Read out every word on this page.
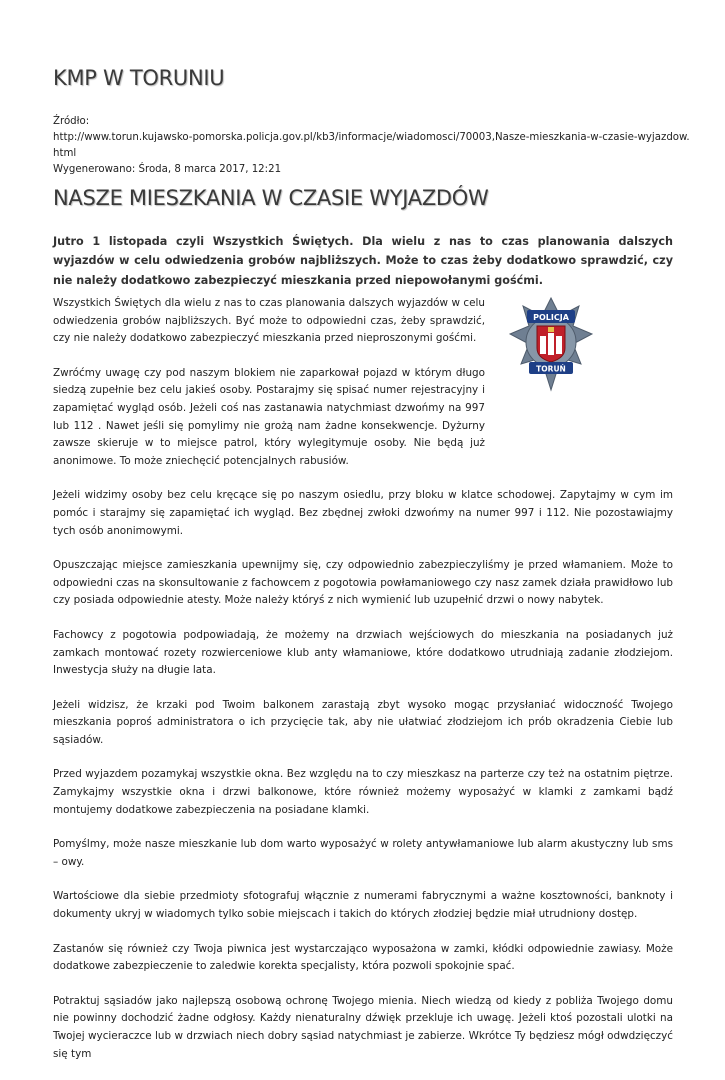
KMP W TORUNIU
Źródło:
http://www.torun.kujawsko-pomorska.policja.gov.pl/kb3/informacje/wiadomosci/70003,Nasze-mieszkania-w-czasie-wyjazdow.
html
Wygenerowano: Środa, 8 marca 2017, 12:21
NASZE MIESZKANIA W CZASIE WYJAZDÓW

Jutro 1 listopada czyli Wszystkich Świętych. Dla wielu z nas to czas planowania dalszych wyjazdów w celu odwiedzenia grobów najbliższych. Może to czas żeby dodatkowo sprawdzić, czy nie należy dodatkowo zabezpieczyć mieszkania przed niepowołanymi gośćmi.

Wszystkich Świętych dla wielu z nas to czas planowania dalszych wyjazdów w celu odwiedzenia grobów najbliższych. Być może to odpowiedni czas, żeby sprawdzić, czy nie należy dodatkowo zabezpieczyć mieszkania przed nieproszonymi gośćmi.

Zwróćmy uwagę czy pod naszym blokiem nie zaparkował pojazd w którym długo siedzą zupełnie bez celu jakieś osoby. Postarajmy się spisać numer rejestracyjny i zapamiętać wygląd osób. Jeżeli coś nas zastanawia natychmiast dzwońmy na 997 lub 112 . Nawet jeśli się pomylimy nie grożą nam żadne konsekwencje. Dyżurny zawsze skieruje w to miejsce patrol, który wylegitymuje osoby. Nie będą już anonimowe. To może zniechęcić potencjalnych rabusiów.

Jeżeli widzimy osoby bez celu kręcące się po naszym osiedlu, przy bloku w klatce schodowej. Zapytajmy w cym im pomóc i starajmy się zapamiętać ich wygląd. Bez zbędnej zwłoki dzwońmy na numer 997 i 112. Nie pozostawiajmy tych osób anonimowymi.

Opuszczając miejsce zamieszkania upewnijmy się, czy odpowiednio zabezpieczyliśmy je przed włamaniem. Może to odpowiedni czas na skonsultowanie z fachowcem z pogotowia powłamaniowego czy nasz zamek działa prawidłowo lub czy posiada odpowiednie atesty. Może należy któryś z nich wymienić lub uzupełnić drzwi o nowy nabytek.

Fachowcy z pogotowia podpowiadają, że możemy na drzwiach wejściowych do mieszkania na posiadanych już zamkach montować rozety rozwierceniowe klub anty włamaniowe, które dodatkowo utrudniają zadanie złodziejom. Inwestycja służy na długie lata.

Jeżeli widzisz, że krzaki pod Twoim balkonem zarastają zbyt wysoko mogąc przysłaniać widoczność Twojego mieszkania poproś administratora o ich przycięcie tak, aby nie ułatwiać złodziejom ich prób okradzenia Ciebie lub sąsiadów.

Przed wyjazdem pozamykaj wszystkie okna. Bez względu na to czy mieszkasz na parterze czy też na ostatnim piętrze. Zamykajmy wszystkie okna i drzwi balkonowe, które również możemy wyposażyć w klamki z zamkami bądź montujemy dodatkowe zabezpieczenia na posiadane klamki.

Pomyślmy, może nasze mieszkanie lub dom warto wyposażyć w rolety antywłamaniowe lub alarm akustyczny lub sms – owy.

Wartościowe dla siebie przedmioty sfotografuj włącznie z numerami fabrycznymi a ważne kosztowności, banknoty i dokumenty ukryj w wiadomych tylko sobie miejscach i takich do których złodziej będzie miał utrudniony dostęp.

Zastanów się również czy Twoja piwnica jest wystarczająco wyposażona w zamki, kłódki odpowiednie zawiasy. Może dodatkowe zabezpieczenie to zaledwie korekta specjalisty, która pozwoli spokojnie spać.

Potraktuj sąsiadów jako najlepszą osobową ochronę Twojego mienia. Niech wiedzą od kiedy z pobliża Twojego domu nie powinny dochodzić żadne odgłosy. Każdy nienaturalny dźwięk przekluje ich uwagę. Jeżeli ktoś pozostali ulotki na Twojej wycieraczce lub w drzwiach niech dobry sąsiad natychmiast je zabierze. Wkrótce Ty będziesz mógł odwdzięczyć się tym

POLICJA
TORUŃ
